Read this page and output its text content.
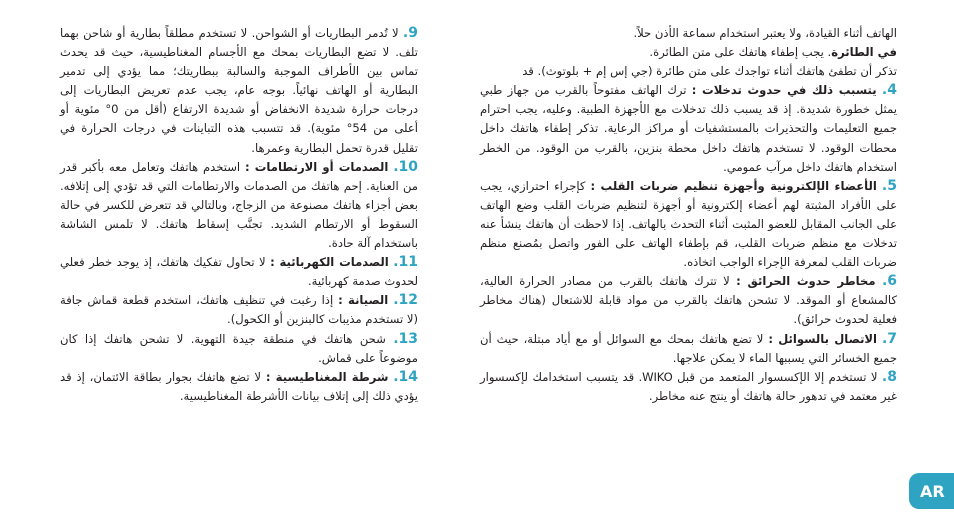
الهاتف أثناء القيادة، ولا يعتبر استخدام سماعة الأذن حلاً.

في الطائرة. يجب إطفاء هاتفك على متن الطائرة.

تذكر أن تطفئ هاتفك أثناء تواجدك على متن طائرة (جي إس إم + بلوتوث). قد

4. يتسبب ذلك في حدوث تدخلات : ترك الهاتف مفتوحاً بالقرب من جهاز طبي يمثل خطورة شديدة. إذ قد يسبب ذلك تدخلات مع الأجهزة الطبية. وعليه، يجب احترام جميع التعليمات والتحذيرات بالمستشفيات أو مراكز الرعاية. تذكر إطفاء هاتفك داخل محطات الوقود. لا تستخدم هاتفك داخل محطة بنزين، بالقرب من الوقود. من الخطر استخدام هاتفك داخل مرآب عمومي.

5. الأعضاء الإلكترونية وأجهزة تنظيم ضربات القلب : كإجراء احترازي، يجب على الأفراد المثبتة لهم أعضاء إلكترونية أو أجهزة لتنظيم ضربات القلب وضع الهاتف على الجانب المقابل للعضو المثبت أثناء التحدث بالهاتف. إذا لاحظت أن هاتفك ينشأ عنه تدخلات مع منظم ضربات القلب، قم بإطفاء الهاتف على الفور واتصل بمُصنع منظم ضربات القلب لمعرفة الإجراء الواجب اتخاذه.

6. مخاطر حدوث الحرائق : لا تترك هاتفك بالقرب من مصادر الحرارة العالية، كالمشعاع أو الموقد. لا تشحن هاتفك بالقرب من مواد قابلة للاشتعال (هناك مخاطر فعلية لحدوث حرائق).

7. الاتصال بالسوائل : لا تضع هاتفك بمحك مع السوائل أو مع أياد مبتلة، حيث أن جميع الخسائر التي يسببها الماء لا يمكن علاجها.

8. لا تستخدم إلا الإكسسوار المتعمد من قبل WIKO. قد يتسبب استخدامك لإكسسوار غير معتمد في تدهور حالة هاتفك أو ينتج عنه مخاطر.

9. لا تُدمر البطاريات أو الشواحن. لا تستخدم مطلقاً بطارية أو شاحن بهما تلف. لا تضع البطاريات بمحك مع الأجسام المغناطيسية، حيث قد يحدث تماس بين الأطراف الموجبة والسالبة ببطاريتك؛ مما يؤدي إلى تدمير البطارية أو الهاتف نهائياً. بوجه عام، يجب عدم تعريض البطاريات إلى درجات حرارة شديدة الانخفاض أو شديدة الارتفاع (أقل من 0° مئوية أو أعلى من 54° مئوية). قد تتسبب هذه التباينات في درجات الحرارة في تقليل قدرة تحمل البطارية وعمرها.

10. الصدمات أو الارتطامات : استخدم هاتفك وتعامل معه بأكبر قدر من العناية. إحم هاتفك من الصدمات والارتطامات التي قد تؤدي إلى إتلافه. بعض أجزاء هاتفك مصنوعة من الزجاج، وبالتالي قد تتعرض للكسر في حالة السقوط أو الارتطام الشديد. تجنَّب إسقاط هاتفك. لا تلمس الشاشة باستخدام آلة حادة.

11. الصدمات الكهربائية : لا تحاول تفكيك هاتفك، إذ يوجد خطر فعلي لحدوث صدمة كهربائية.

12. الصيانة : إذا رغبت في تنظيف هاتفك، استخدم قطعة قماش جافة (لا تستخدم مذيبات كالبنزين أو الكحول).

13. شحن هاتفك في منطقة جيدة التهوية. لا تشحن هاتفك إذا كان موضوعاً على قماش.

14. شرطة المغناطيسية : لا تضع هاتفك بجوار بطاقة الائتمان، إذ قد يؤدي ذلك إلى إتلاف بيانات الأشرطة المغناطيسية.

AR
